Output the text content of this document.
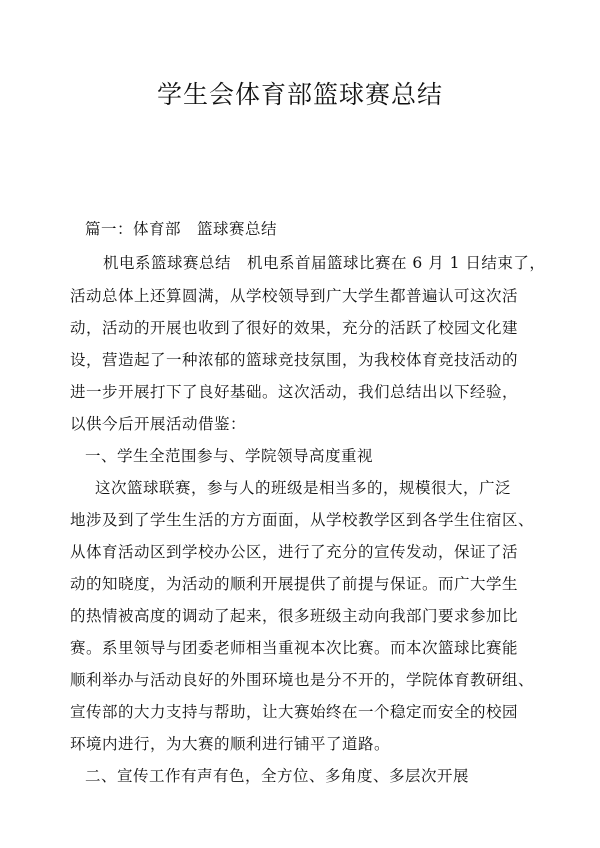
学生会体育部篮球赛总结
篇一：体育部　篮球赛总结
机电系篮球赛总结　机电系首届篮球比赛在 6 月 1 日结束了，
活动总体上还算圆满，从学校领导到广大学生都普遍认可这次活
动，活动的开展也收到了很好的效果，充分的活跃了校园文化建
设，营造起了一种浓郁的篮球竞技氛围，为我校体育竞技活动的
进一步开展打下了良好基础。这次活动，我们总结出以下经验，
以供今后开展活动借鉴：
一、学生全范围参与、学院领导高度重视
这次篮球联赛，参与人的班级是相当多的，规模很大，广泛
地涉及到了学生生活的方方面面，从学校教学区到各学生住宿区、
从体育活动区到学校办公区，进行了充分的宣传发动，保证了活
动的知晓度，为活动的顺利开展提供了前提与保证。而广大学生
的热情被高度的调动了起来，很多班级主动向我部门要求参加比
赛。系里领导与团委老师相当重视本次比赛。而本次篮球比赛能
顺利举办与活动良好的外围环境也是分不开的，学院体育教研组、
宣传部的大力支持与帮助，让大赛始终在一个稳定而安全的校园
环境内进行，为大赛的顺利进行铺平了道路。
二、宣传工作有声有色，全方位、多角度、多层次开展
